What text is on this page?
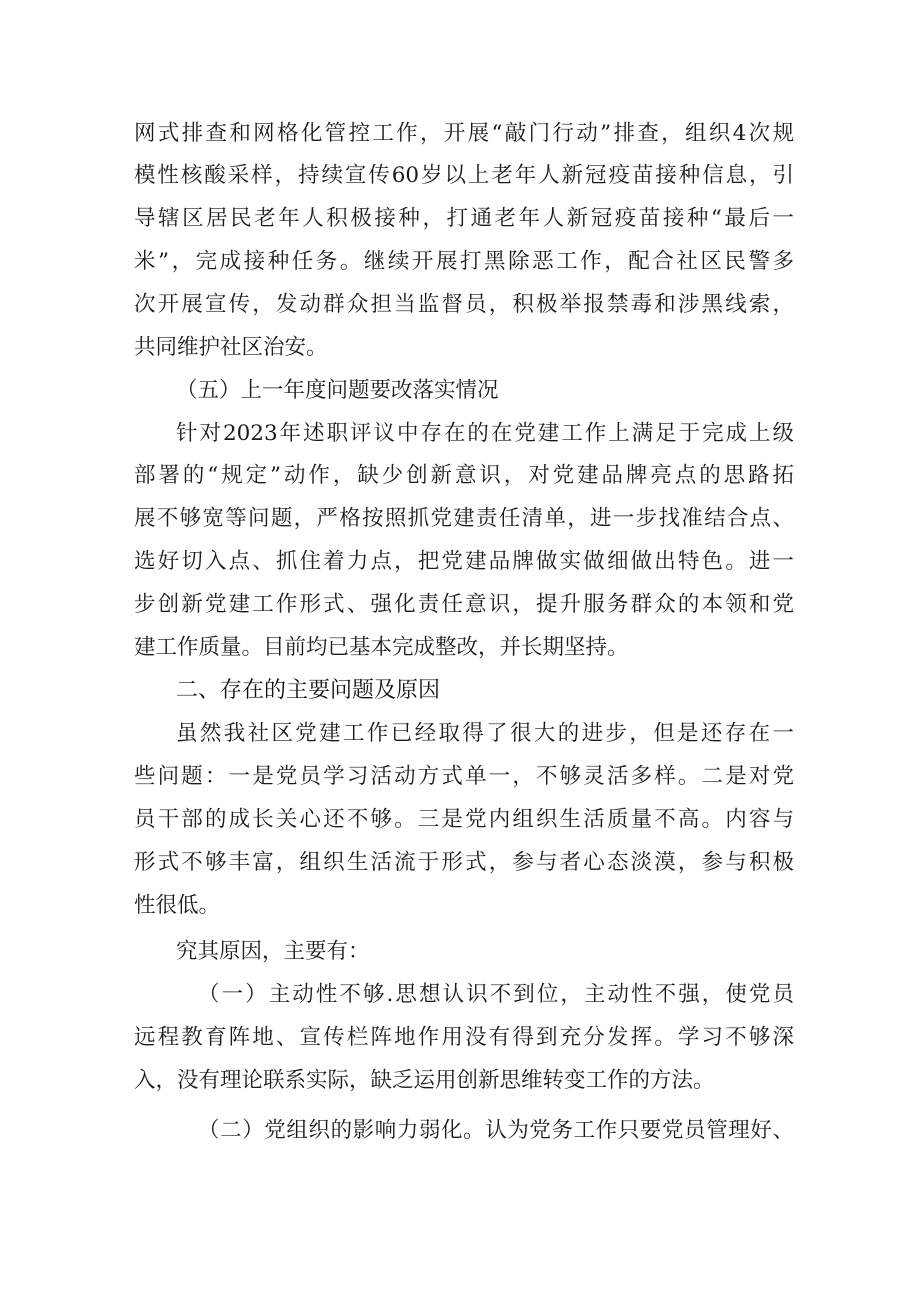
网式排查和网格化管控工作，开展“敲门行动”排查，组织4次规

模性核酸采样，持续宣传60岁以上老年人新冠疫苗接种信息，引

导辖区居民老年人积极接种，打通老年人新冠疫苗接种“最后一

米”，完成接种任务。继续开展打黑除恶工作，配合社区民警多

次开展宣传，发动群众担当监督员，积极举报禁毒和涉黑线索，

共同维护社区治安。

（五）上一年度问题要改落实情况

针对2023年述职评议中存在的在党建工作上满足于完成上级

部署的“规定”动作，缺少创新意识，对党建品牌亮点的思路拓

展不够宽等问题，严格按照抓党建责任清单，进一步找准结合点、

选好切入点、抓住着力点，把党建品牌做实做细做出特色。进一

步创新党建工作形式、强化责任意识，提升服务群众的本领和党

建工作质量。目前均已基本完成整改，并长期坚持。

二、存在的主要问题及原因

虽然我社区党建工作已经取得了很大的进步，但是还存在一

些问题：一是党员学习活动方式单一，不够灵活多样。二是对党

员干部的成长关心还不够。三是党内组织生活质量不高。内容与

形式不够丰富，组织生活流于形式，参与者心态淡漠，参与积极

性很低。

究其原因，主要有：

（一）主动性不够.思想认识不到位，主动性不强，使党员

远程教育阵地、宣传栏阵地作用没有得到充分发挥。学习不够深

入，没有理论联系实际，缺乏运用创新思维转变工作的方法。

（二）党组织的影响力弱化。认为党务工作只要党员管理好、
